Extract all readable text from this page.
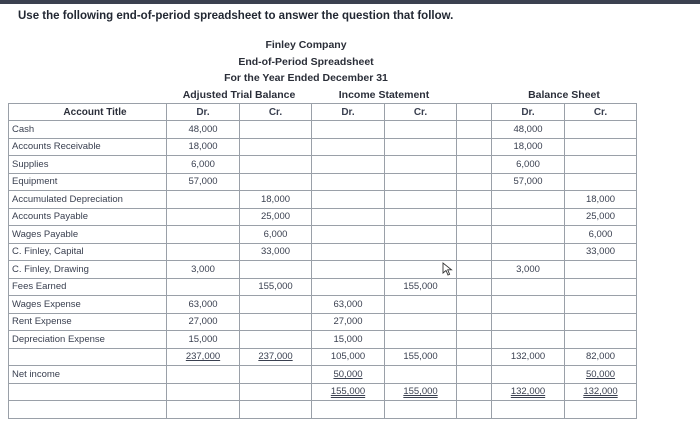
Use the following end-of-period spreadsheet to answer the question that follow.
Finley Company
End-of-Period Spreadsheet
For the Year Ended December 31
	Adjusted Trial Balance		Income Statement			Balance Sheet	
Account Title	Dr.	Cr.	Dr.	Cr.		Dr.	Cr.
Cash	48,000					48,000	
Accounts Receivable	18,000					18,000	
Supplies	6,000					6,000	
Equipment	57,000					57,000	
Accumulated Depreciation		18,000					18,000
Accounts Payable		25,000					25,000
Wages Payable		6,000					6,000
C. Finley, Capital		33,000					33,000
C. Finley, Drawing	3,000					3,000	
Fees Earned		155,000		155,000			
Wages Expense	63,000		63,000				
Rent Expense	27,000		27,000				
Depreciation Expense	15,000		15,000				
	237,000	237,000	105,000	155,000		132,000	82,000
Net income			50,000				50,000
			155,000	155,000		132,000	132,000
